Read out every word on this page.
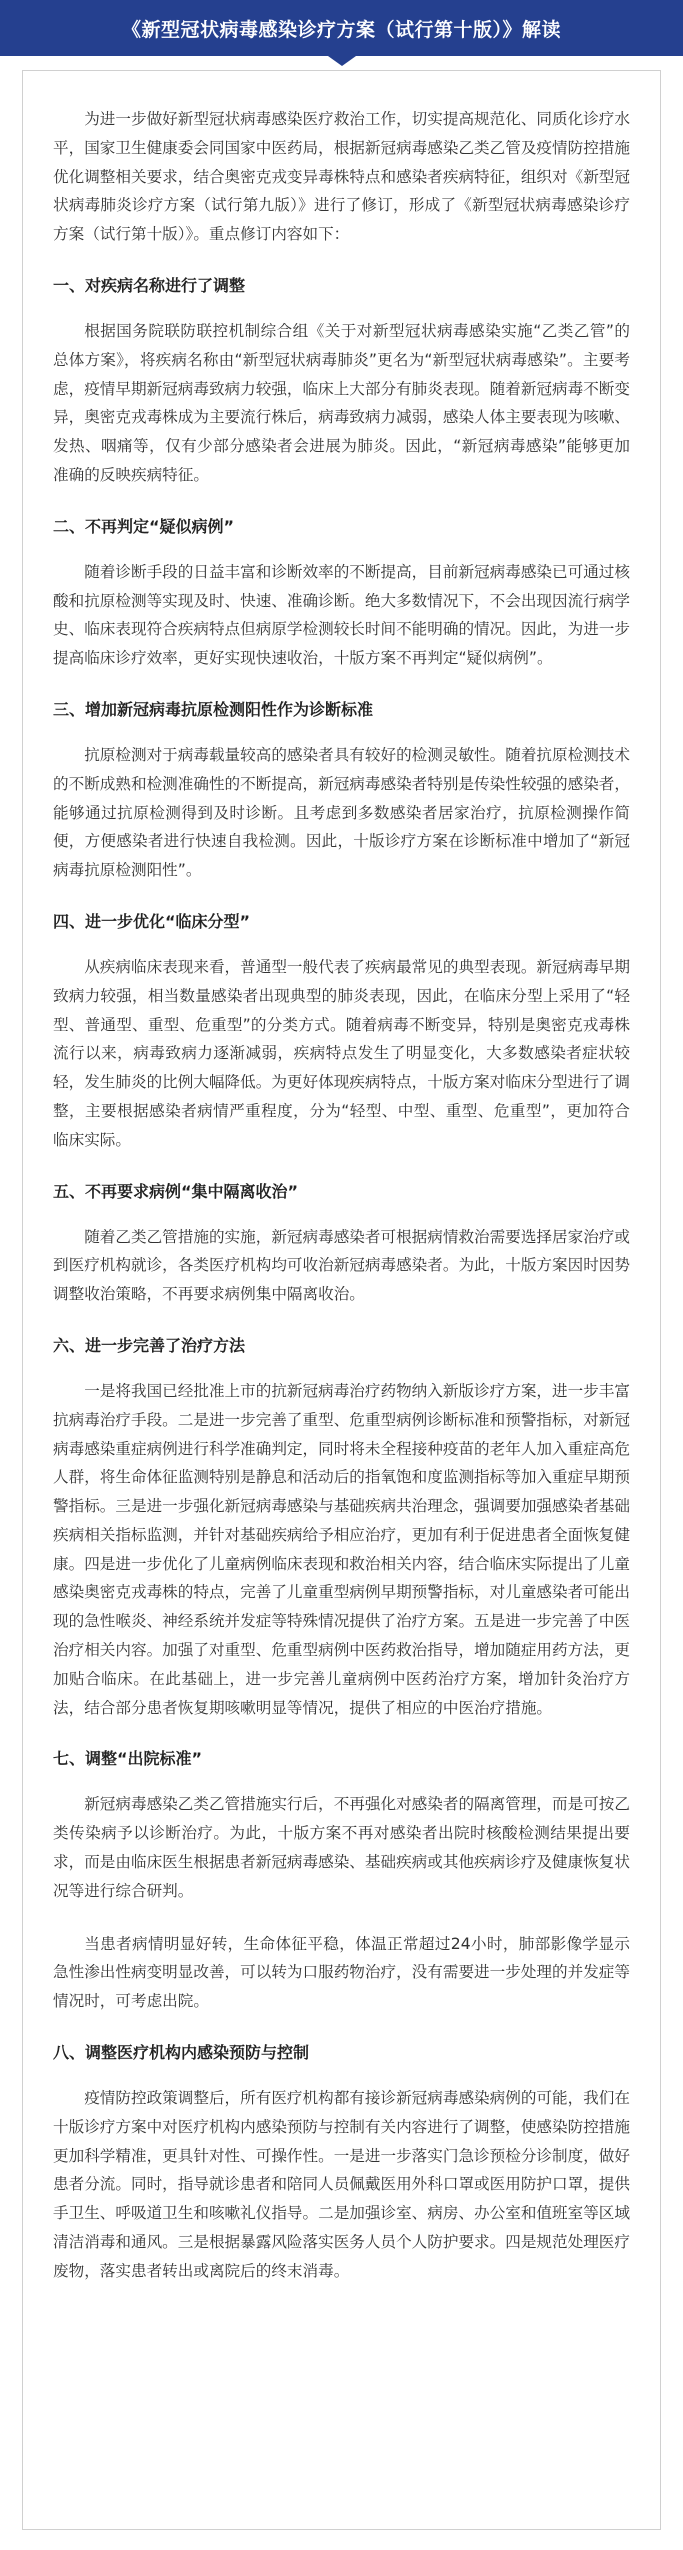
《新型冠状病毒感染诊疗方案（试行第十版）》解读

为进一步做好新型冠状病毒感染医疗救治工作，切实提高规范化、同质化诊疗水平，国家卫生健康委会同国家中医药局，根据新冠病毒感染乙类乙管及疫情防控措施优化调整相关要求，结合奥密克戎变异毒株特点和感染者疾病特征，组织对《新型冠状病毒肺炎诊疗方案（试行第九版）》进行了修订，形成了《新型冠状病毒感染诊疗方案（试行第十版）》。重点修订内容如下：

一、对疾病名称进行了调整

根据国务院联防联控机制综合组《关于对新型冠状病毒感染实施“乙类乙管”的总体方案》，将疾病名称由“新型冠状病毒肺炎”更名为“新型冠状病毒感染”。主要考虑，疫情早期新冠病毒致病力较强，临床上大部分有肺炎表现。随着新冠病毒不断变异，奥密克戎毒株成为主要流行株后，病毒致病力减弱，感染人体主要表现为咳嗽、发热、咽痛等，仅有少部分感染者会进展为肺炎。因此，“新冠病毒感染”能够更加准确的反映疾病特征。

二、不再判定“疑似病例”

随着诊断手段的日益丰富和诊断效率的不断提高，目前新冠病毒感染已可通过核酸和抗原检测等实现及时、快速、准确诊断。绝大多数情况下，不会出现因流行病学史、临床表现符合疾病特点但病原学检测较长时间不能明确的情况。因此，为进一步提高临床诊疗效率，更好实现快速收治，十版方案不再判定“疑似病例”。

三、增加新冠病毒抗原检测阳性作为诊断标准

抗原检测对于病毒载量较高的感染者具有较好的检测灵敏性。随着抗原检测技术的不断成熟和检测准确性的不断提高，新冠病毒感染者特别是传染性较强的感染者，能够通过抗原检测得到及时诊断。且考虑到多数感染者居家治疗，抗原检测操作简便，方便感染者进行快速自我检测。因此，十版诊疗方案在诊断标准中增加了“新冠病毒抗原检测阳性”。

四、进一步优化“临床分型”

从疾病临床表现来看，普通型一般代表了疾病最常见的典型表现。新冠病毒早期致病力较强，相当数量感染者出现典型的肺炎表现，因此，在临床分型上采用了“轻型、普通型、重型、危重型”的分类方式。随着病毒不断变异，特别是奥密克戎毒株流行以来，病毒致病力逐渐减弱，疾病特点发生了明显变化，大多数感染者症状较轻，发生肺炎的比例大幅降低。为更好体现疾病特点，十版方案对临床分型进行了调整，主要根据感染者病情严重程度，分为“轻型、中型、重型、危重型”，更加符合临床实际。

五、不再要求病例“集中隔离收治”

随着乙类乙管措施的实施，新冠病毒感染者可根据病情救治需要选择居家治疗或到医疗机构就诊，各类医疗机构均可收治新冠病毒感染者。为此，十版方案因时因势调整收治策略，不再要求病例集中隔离收治。

六、进一步完善了治疗方法

一是将我国已经批准上市的抗新冠病毒治疗药物纳入新版诊疗方案，进一步丰富抗病毒治疗手段。二是进一步完善了重型、危重型病例诊断标准和预警指标，对新冠病毒感染重症病例进行科学准确判定，同时将未全程接种疫苗的老年人加入重症高危人群，将生命体征监测特别是静息和活动后的指氧饱和度监测指标等加入重症早期预警指标。三是进一步强化新冠病毒感染与基础疾病共治理念，强调要加强感染者基础疾病相关指标监测，并针对基础疾病给予相应治疗，更加有利于促进患者全面恢复健康。四是进一步优化了儿童病例临床表现和救治相关内容，结合临床实际提出了儿童感染奥密克戎毒株的特点，完善了儿童重型病例早期预警指标，对儿童感染者可能出现的急性喉炎、神经系统并发症等特殊情况提供了治疗方案。五是进一步完善了中医治疗相关内容。加强了对重型、危重型病例中医药救治指导，增加随症用药方法，更加贴合临床。在此基础上，进一步完善儿童病例中医药治疗方案，增加针灸治疗方法，结合部分患者恢复期咳嗽明显等情况，提供了相应的中医治疗措施。

七、调整“出院标准”

新冠病毒感染乙类乙管措施实行后，不再强化对感染者的隔离管理，而是可按乙类传染病予以诊断治疗。为此，十版方案不再对感染者出院时核酸检测结果提出要求，而是由临床医生根据患者新冠病毒感染、基础疾病或其他疾病诊疗及健康恢复状况等进行综合研判。

当患者病情明显好转，生命体征平稳，体温正常超过24小时，肺部影像学显示急性渗出性病变明显改善，可以转为口服药物治疗，没有需要进一步处理的并发症等情况时，可考虑出院。

八、调整医疗机构内感染预防与控制

疫情防控政策调整后，所有医疗机构都有接诊新冠病毒感染病例的可能，我们在十版诊疗方案中对医疗机构内感染预防与控制有关内容进行了调整，使感染防控措施更加科学精准，更具针对性、可操作性。一是进一步落实门急诊预检分诊制度，做好患者分流。同时，指导就诊患者和陪同人员佩戴医用外科口罩或医用防护口罩，提供手卫生、呼吸道卫生和咳嗽礼仪指导。二是加强诊室、病房、办公室和值班室等区域清洁消毒和通风。三是根据暴露风险落实医务人员个人防护要求。四是规范处理医疗废物，落实患者转出或离院后的终末消毒。
